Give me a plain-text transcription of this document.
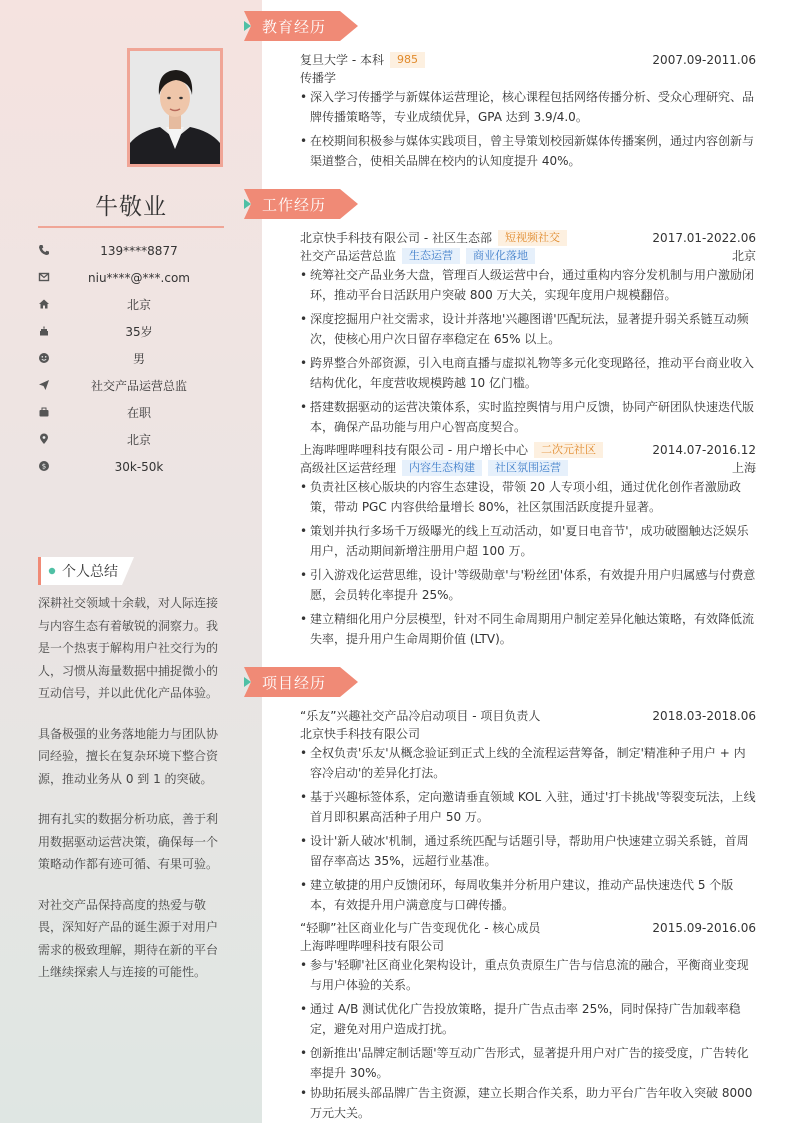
牛敬业
139****8877
niu****@***.com
北京
35岁
男
社交产品运营总监
在职
北京
$	30k-50k
个人总结

深耕社交领域十余载，对人际连接与内容生态有着敏锐的洞察力。我是一个热衷于解构用户社交行为的人，习惯从海量数据中捕捉微小的互动信号，并以此优化产品体验。

具备极强的业务落地能力与团队协同经验，擅长在复杂环境下整合资源，推动业务从 0 到 1 的突破。

拥有扎实的数据分析功底，善于利用数据驱动运营决策，确保每一个策略动作都有迹可循、有果可验。

对社交产品保持高度的热爱与敬畏，深知好产品的诞生源于对用户需求的极致理解，期待在新的平台上继续探索人与连接的可能性。

教育经历
复旦大学 - 本科 985	2007.09-2011.06
传播学
• 深入学习传播学与新媒体运营理论，核心课程包括网络传播分析、受众心理研究、品牌传播策略等，专业成绩优异，GPA 达到 3.9/4.0。
• 在校期间积极参与媒体实践项目，曾主导策划校园新媒体传播案例，通过内容创新与渠道整合，使相关品牌在校内的认知度提升 40%。
工作经历
北京快手科技有限公司 - 社区生态部 短视频社交	2017.01-2022.06
社交产品运营总监 生态运营 商业化落地	北京
• 统筹社交产品业务大盘，管理百人级运营中台，通过重构内容分发机制与用户激励闭环，推动平台日活跃用户突破 800 万大关，实现年度用户规模翻倍。
• 深度挖掘用户社交需求，设计并落地'兴趣图谱'匹配玩法，显著提升弱关系链互动频次，使核心用户次日留存率稳定在 65% 以上。
• 跨界整合外部资源，引入电商直播与虚拟礼物等多元化变现路径，推动平台商业收入结构优化，年度营收规模跨越 10 亿门槛。
• 搭建数据驱动的运营决策体系，实时监控舆情与用户反馈，协同产研团队快速迭代版本，确保产品功能与用户心智高度契合。
上海哔哩哔哩科技有限公司 - 用户增长中心 二次元社区	2014.07-2016.12
高级社区运营经理 内容生态构建 社区氛围运营	上海
• 负责社区核心版块的内容生态建设，带领 20 人专项小组，通过优化创作者激励政策，带动 PGC 内容供给量增长 80%，社区氛围活跃度提升显著。
• 策划并执行多场千万级曝光的线上互动活动，如'夏日电音节'，成功破圈触达泛娱乐用户，活动期间新增注册用户超 100 万。
• 引入游戏化运营思维，设计'等级勋章'与'粉丝团'体系，有效提升用户归属感与付费意愿，会员转化率提升 25%。
• 建立精细化用户分层模型，针对不同生命周期用户制定差异化触达策略，有效降低流失率，提升用户生命周期价值 (LTV)。
项目经历
“乐友”兴趣社交产品冷启动项目 - 项目负责人	2018.03-2018.06
北京快手科技有限公司
• 全权负责'乐友'从概念验证到正式上线的全流程运营筹备，制定'精准种子用户 + 内容冷启动'的差异化打法。
• 基于兴趣标签体系，定向邀请垂直领域 KOL 入驻，通过'打卡挑战'等裂变玩法，上线首月即积累高活种子用户 50 万。
• 设计'新人破冰'机制，通过系统匹配与话题引导，帮助用户快速建立弱关系链，首周留存率高达 35%，远超行业基准。
• 建立敏捷的用户反馈闭环，每周收集并分析用户建议，推动产品快速迭代 5 个版本，有效提升用户满意度与口碑传播。
“轻聊”社区商业化与广告变现优化 - 核心成员	2015.09-2016.06
上海哔哩哔哩科技有限公司
• 参与'轻聊'社区商业化架构设计，重点负责原生广告与信息流的融合，平衡商业变现与用户体验的关系。
• 通过 A/B 测试优化广告投放策略，提升广告点击率 25%，同时保持广告加载率稳定，避免对用户造成打扰。
• 创新推出'品牌定制话题'等互动广告形式，显著提升用户对广告的接受度，广告转化率提升 30%。
• 协助拓展头部品牌广告主资源，建立长期合作关系，助力平台广告年收入突破 8000 万元大关。
